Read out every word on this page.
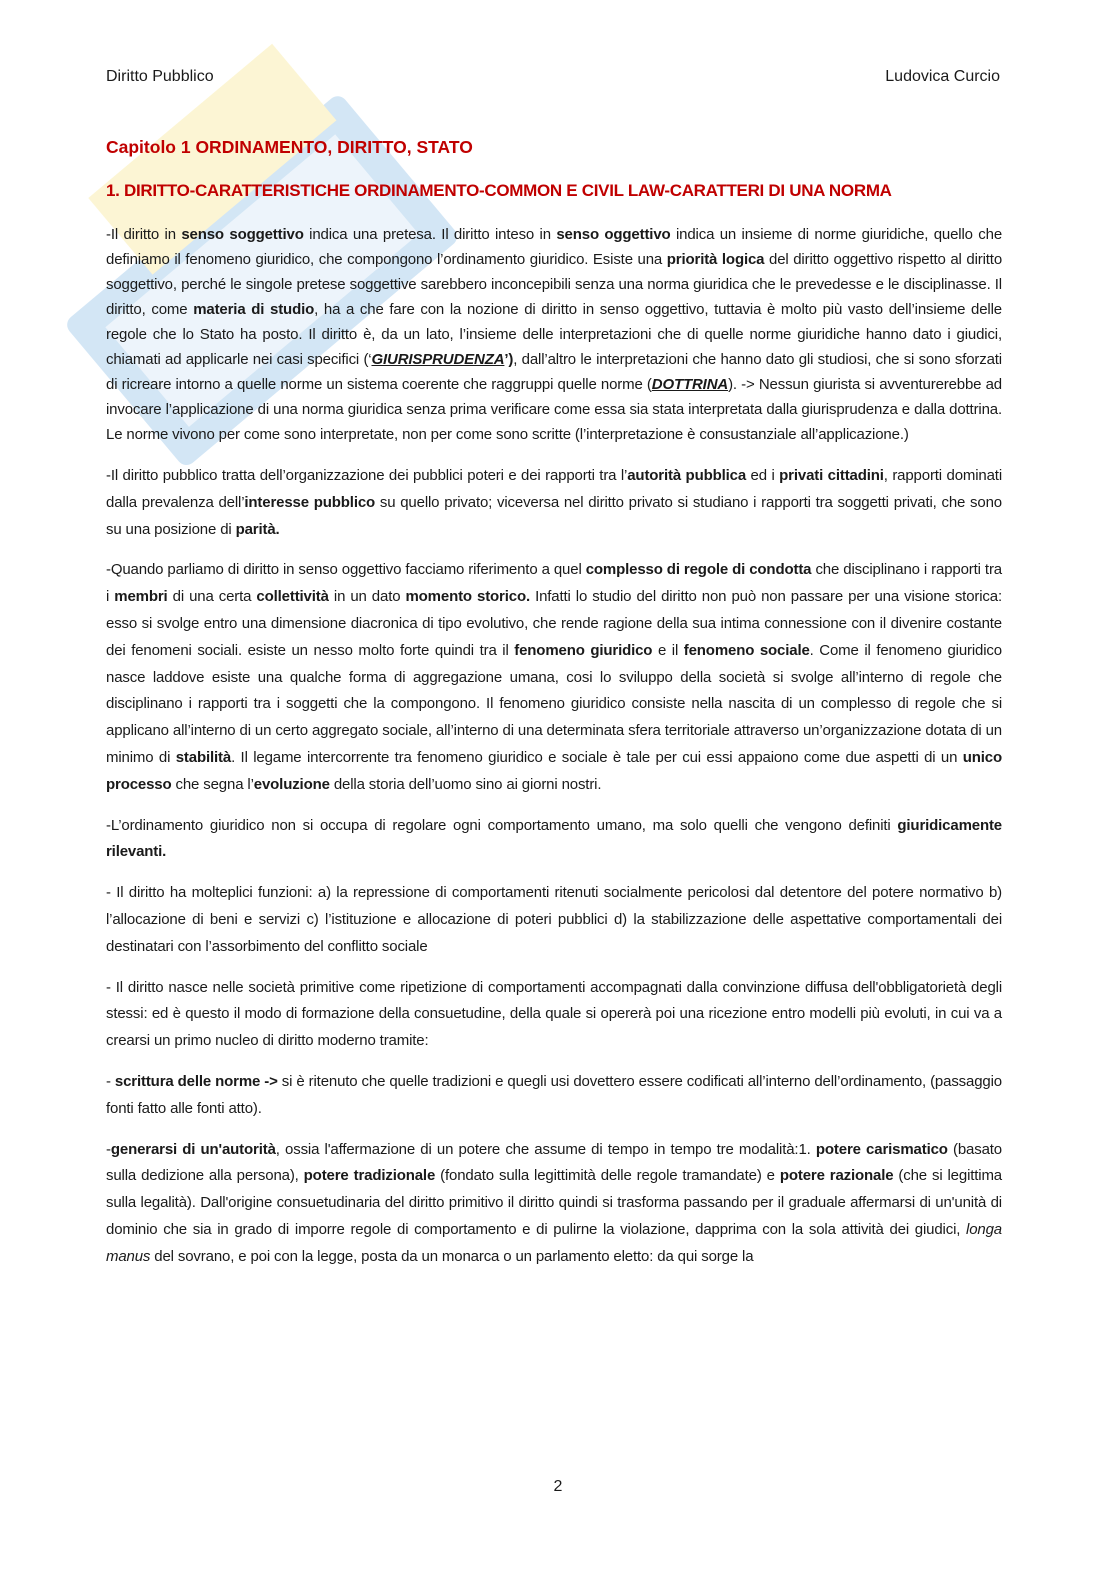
Diritto Pubblico	Ludovica Curcio
Capitolo 1 ORDINAMENTO, DIRITTO, STATO
1. DIRITTO-CARATTERISTICHE ORDINAMENTO-COMMON E CIVIL LAW-CARATTERI DI UNA NORMA

-Il diritto in senso soggettivo indica una pretesa. Il diritto inteso in senso oggettivo indica un insieme di norme giuridiche, quello che definiamo il fenomeno giuridico, che compongono l’ordinamento giuridico. Esiste una priorità logica del diritto oggettivo rispetto al diritto soggettivo, perché le singole pretese soggettive sarebbero inconcepibili senza una norma giuridica che le prevedesse e le disciplinasse. Il diritto, come materia di studio, ha a che fare con la nozione di diritto in senso oggettivo, tuttavia è molto più vasto dell’insieme delle regole che lo Stato ha posto. Il diritto è, da un lato, l’insieme delle interpretazioni che di quelle norme giuridiche hanno dato i giudici, chiamati ad applicarle nei casi specifici (‘GIURISPRUDENZA’), dall’altro le interpretazioni che hanno dato gli studiosi, che si sono sforzati di ricreare intorno a quelle norme un sistema coerente che raggruppi quelle norme (DOTTRINA). -> Nessun giurista si avventurerebbe ad invocare l’applicazione di una norma giuridica senza prima verificare come essa sia stata interpretata dalla giurisprudenza e dalla dottrina. Le norme vivono per come sono interpretate, non per come sono scritte (l’interpretazione è consustanziale all’applicazione.)

-Il diritto pubblico tratta dell’organizzazione dei pubblici poteri e dei rapporti tra l’autorità pubblica ed i privati cittadini, rapporti dominati dalla prevalenza dell’interesse pubblico su quello privato; viceversa nel diritto privato si studiano i rapporti tra soggetti privati, che sono su una posizione di parità.

-Quando parliamo di diritto in senso oggettivo facciamo riferimento a quel complesso di regole di condotta che disciplinano i rapporti tra i membri di una certa collettività in un dato momento storico. Infatti lo studio del diritto non può non passare per una visione storica: esso si svolge entro una dimensione diacronica di tipo evolutivo, che rende ragione della sua intima connessione con il divenire costante dei fenomeni sociali. esiste un nesso molto forte quindi tra il fenomeno giuridico e il fenomeno sociale. Come il fenomeno giuridico nasce laddove esiste una qualche forma di aggregazione umana, cosi lo sviluppo della società si svolge all’interno di regole che disciplinano i rapporti tra i soggetti che la compongono. Il fenomeno giuridico consiste nella nascita di un complesso di regole che si applicano all’interno di un certo aggregato sociale, all’interno di una determinata sfera territoriale attraverso un’organizzazione dotata di un minimo di stabilità. Il legame intercorrente tra fenomeno giuridico e sociale è tale per cui essi appaiono come due aspetti di un unico processo che segna l’evoluzione della storia dell’uomo sino ai giorni nostri.

-L’ordinamento giuridico non si occupa di regolare ogni comportamento umano, ma solo quelli che vengono definiti giuridicamente rilevanti.

- Il diritto ha molteplici funzioni: a) la repressione di comportamenti ritenuti socialmente pericolosi dal detentore del potere normativo b) l’allocazione di beni e servizi c) l’istituzione e allocazione di poteri pubblici d) la stabilizzazione delle aspettative comportamentali dei destinatari con l’assorbimento del conflitto sociale

- Il diritto nasce nelle società primitive come ripetizione di comportamenti accompagnati dalla convinzione diffusa dell'obbligatorietà degli stessi: ed è questo il modo di formazione della consuetudine, della quale si opererà poi una ricezione entro modelli più evoluti, in cui va a crearsi un primo nucleo di diritto moderno tramite:

- scrittura delle norme -> si è ritenuto che quelle tradizioni e quegli usi dovettero essere codificati all’interno dell’ordinamento, (passaggio fonti fatto alle fonti atto).

-generarsi di un'autorità, ossia l'affermazione di un potere che assume di tempo in tempo tre modalità:1. potere carismatico (basato sulla dedizione alla persona), potere tradizionale (fondato sulla legittimità delle regole tramandate) e potere razionale (che si legittima sulla legalità). Dall'origine consuetudinaria del diritto primitivo il diritto quindi si trasforma passando per il graduale affermarsi di un'unità di dominio che sia in grado di imporre regole di comportamento e di pulirne la violazione, dapprima con la sola attività dei giudici, longa manus del sovrano, e poi con la legge, posta da un monarca o un parlamento eletto: da qui sorge la

2
